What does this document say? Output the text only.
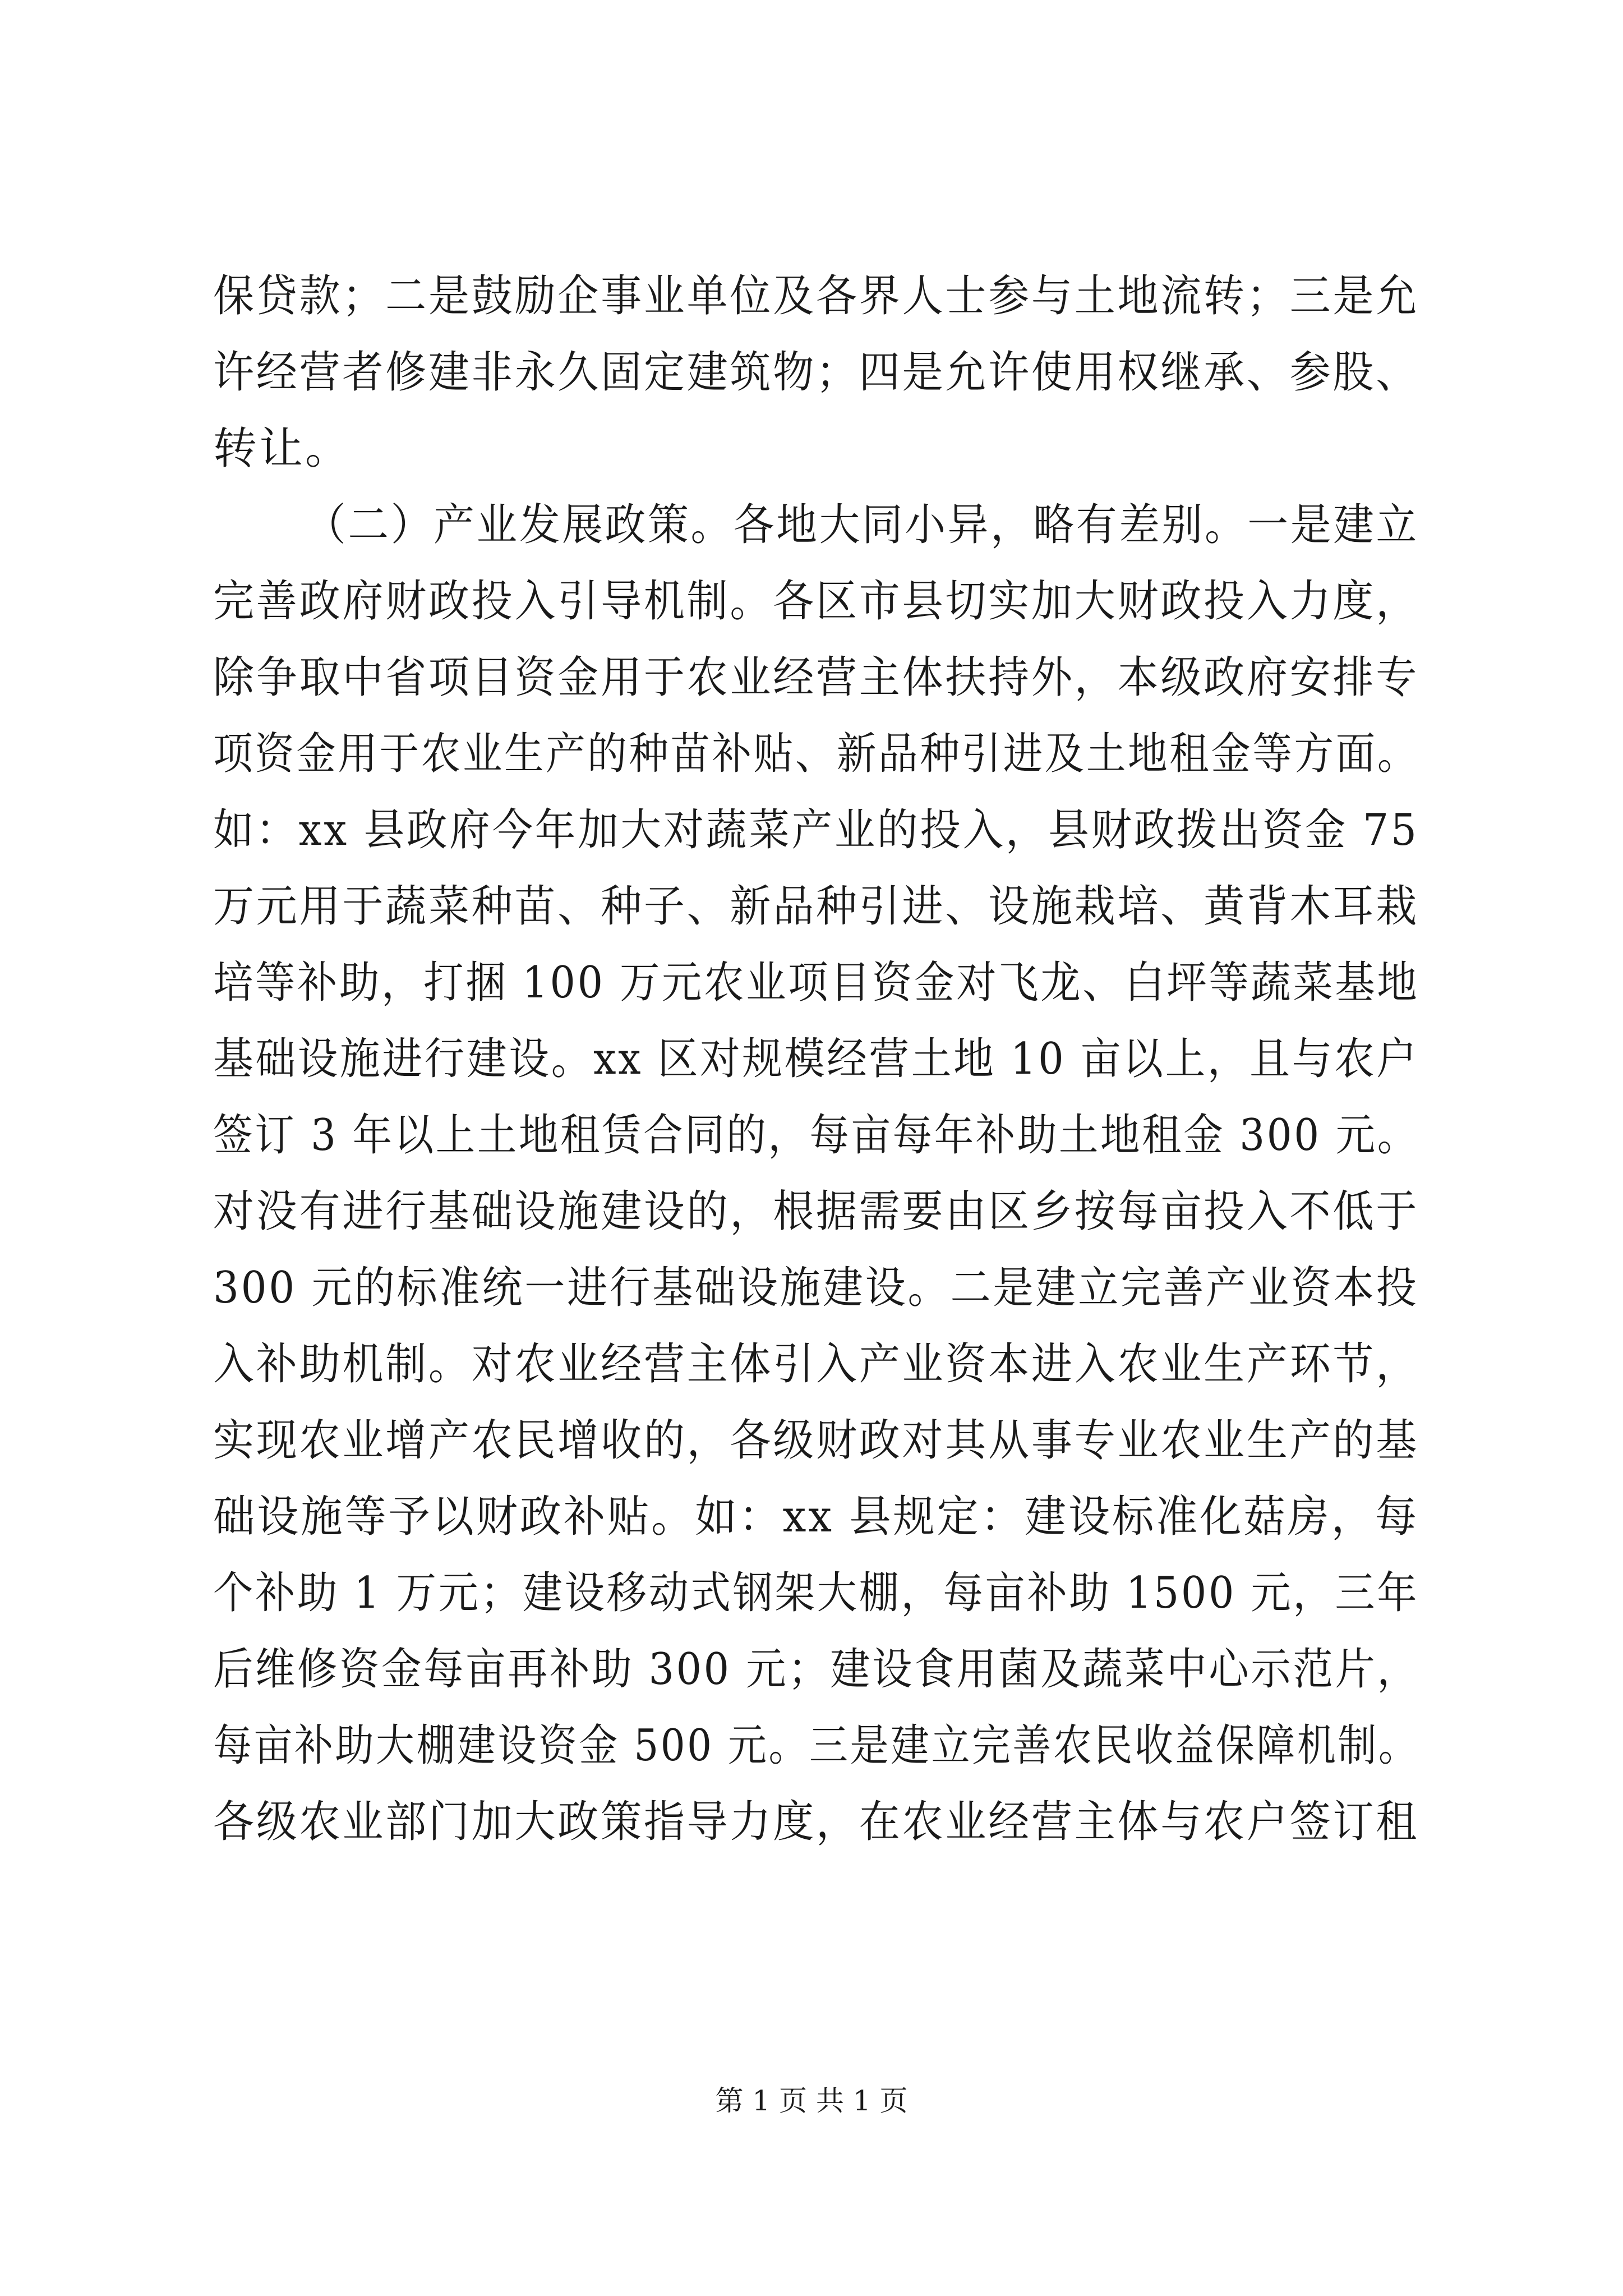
保贷款；二是鼓励企事业单位及各界人士参与土地流转；三是允
许经营者修建非永久固定建筑物；四是允许使用权继承、参股、
转让。
（二）产业发展政策。各地大同小异，略有差别。一是建立
完善政府财政投入引导机制。各区市县切实加大财政投入力度，
除争取中省项目资金用于农业经营主体扶持外，本级政府安排专
项资金用于农业生产的种苗补贴、新品种引进及土地租金等方面。
如：xx 县政府今年加大对蔬菜产业的投入，县财政拨出资金 75
万元用于蔬菜种苗、种子、新品种引进、设施栽培、黄背木耳栽
培等补助，打捆 100 万元农业项目资金对飞龙、白坪等蔬菜基地
基础设施进行建设。xx 区对规模经营土地 10 亩以上，且与农户
签订 3 年以上土地租赁合同的，每亩每年补助土地租金 300 元。
对没有进行基础设施建设的，根据需要由区乡按每亩投入不低于
300 元的标准统一进行基础设施建设。二是建立完善产业资本投
入补助机制。对农业经营主体引入产业资本进入农业生产环节，
实现农业增产农民增收的，各级财政对其从事专业农业生产的基
础设施等予以财政补贴。如：xx 县规定：建设标准化菇房，每
个补助 1 万元；建设移动式钢架大棚，每亩补助 1500 元，三年
后维修资金每亩再补助 300 元；建设食用菌及蔬菜中心示范片，
每亩补助大棚建设资金 500 元。三是建立完善农民收益保障机制。
各级农业部门加大政策指导力度，在农业经营主体与农户签订租
第 1 页 共 1 页
